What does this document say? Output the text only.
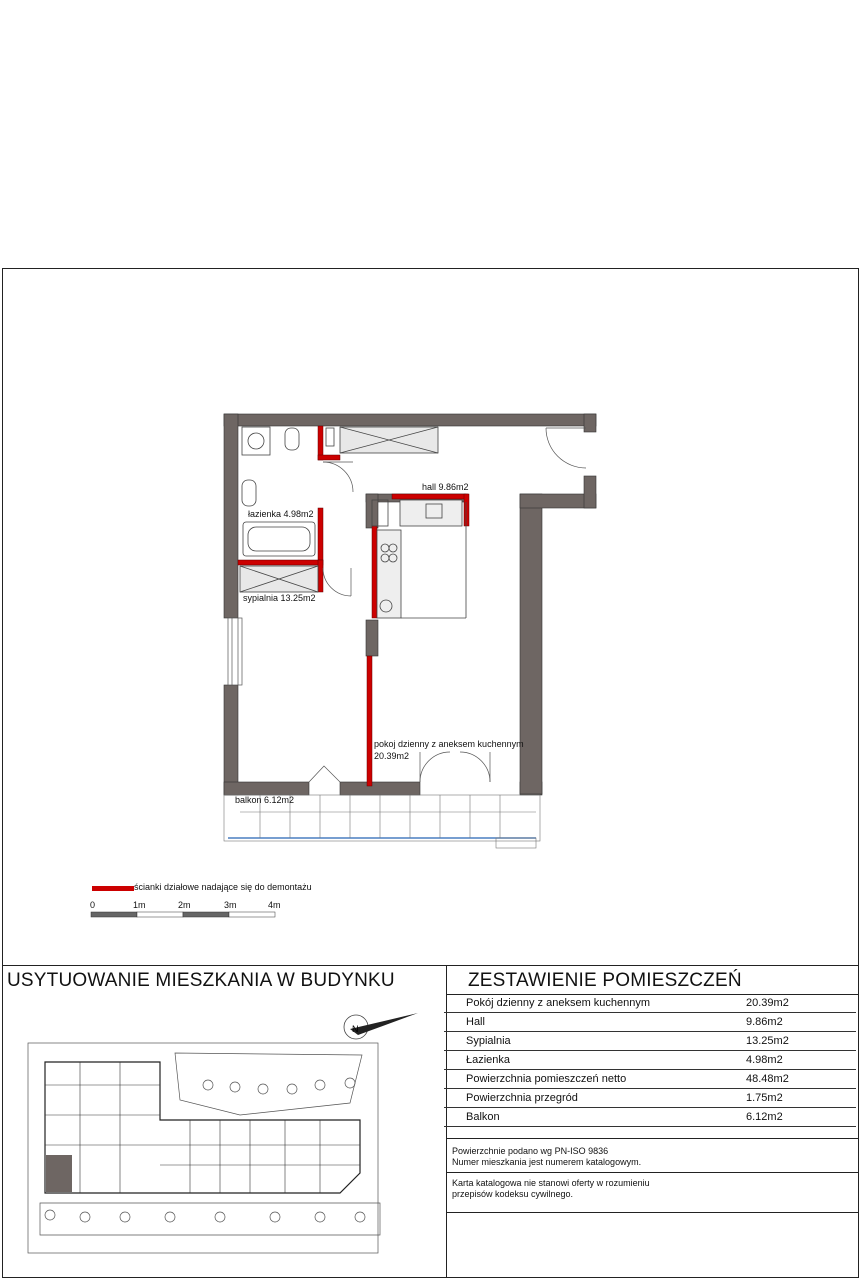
łazienka 4.98m2
sypialnia 13.25m2
hall 9.86m2
pokoj dzienny z aneksem kuchennym
20.39m2
balkon 6.12m2
ścianki działowe nadające się do demontażu
0	1m	2m	3m	4m
USYTUOWANIE MIESZKANIA W BUDYNKU	ZESTAWIENIE POMIESZCZEŃ
Pokój dzienny z aneksem kuchennym	20.39m2
Hall	9.86m2
Sypialnia	13.25m2
Łazienka	4.98m2
Powierzchnia pomieszczeń netto	48.48m2
Powierzchnia przegród	1.75m2
Balkon	6.12m2
Powierzchnie podano wg PN-ISO 9836
Numer mieszkania jest numerem katalogowym.
Karta katalogowa nie stanowi oferty w rozumieniu
przepisów kodeksu cywilnego.
N
